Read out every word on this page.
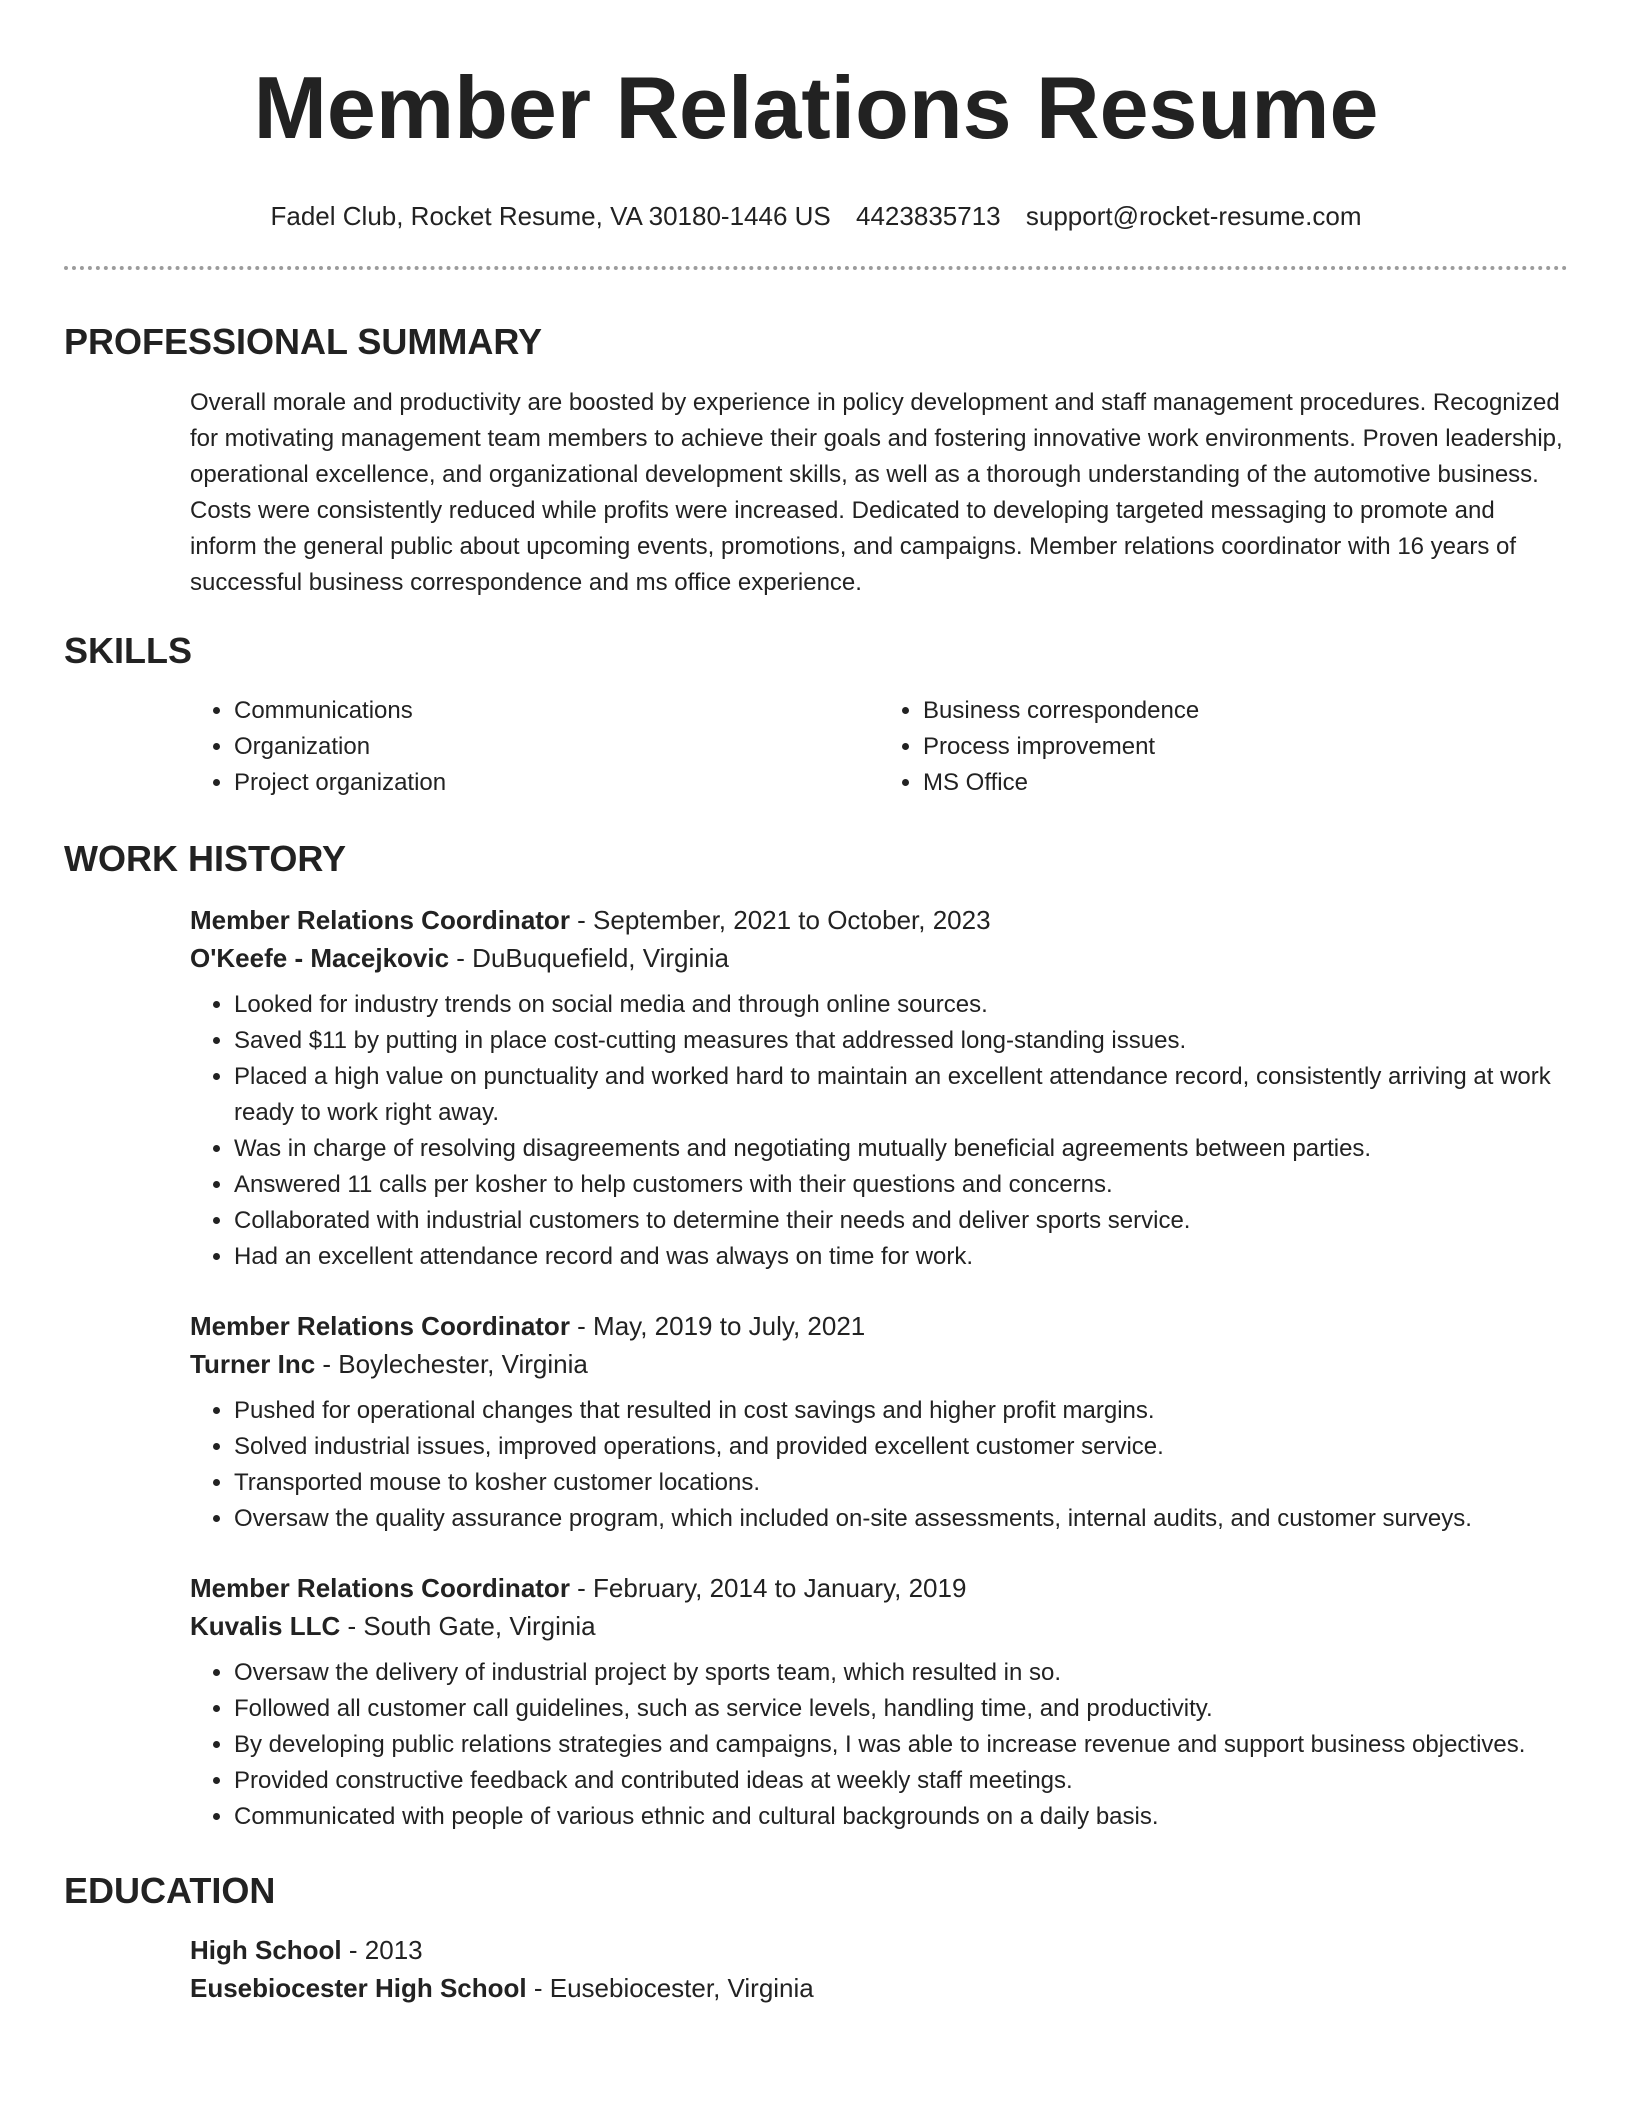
Member Relations Resume
Fadel Club, Rocket Resume, VA 30180-1446 US 4423835713 support@rocket-resume.com
PROFESSIONAL SUMMARY
Overall morale and productivity are boosted by experience in policy development and staff management procedures. Recognized for motivating management team members to achieve their goals and fostering innovative work environments. Proven leadership, operational excellence, and organizational development skills, as well as a thorough understanding of the automotive business. Costs were consistently reduced while profits were increased. Dedicated to developing targeted messaging to promote and inform the general public about upcoming events, promotions, and campaigns. Member relations coordinator with 16 years of successful business correspondence and ms office experience.
SKILLS
• Communications
• Organization
• Project organization
• Business correspondence
• Process improvement
• MS Office
WORK HISTORY
Member Relations Coordinator - September, 2021 to October, 2023
O'Keefe - Macejkovic - DuBuquefield, Virginia
• Looked for industry trends on social media and through online sources.
• Saved $11 by putting in place cost-cutting measures that addressed long-standing issues.
• Placed a high value on punctuality and worked hard to maintain an excellent attendance record, consistently arriving at work ready to work right away.
• Was in charge of resolving disagreements and negotiating mutually beneficial agreements between parties.
• Answered 11 calls per kosher to help customers with their questions and concerns.
• Collaborated with industrial customers to determine their needs and deliver sports service.
• Had an excellent attendance record and was always on time for work.
Member Relations Coordinator - May, 2019 to July, 2021
Turner Inc - Boylechester, Virginia
• Pushed for operational changes that resulted in cost savings and higher profit margins.
• Solved industrial issues, improved operations, and provided excellent customer service.
• Transported mouse to kosher customer locations.
• Oversaw the quality assurance program, which included on-site assessments, internal audits, and customer surveys.
Member Relations Coordinator - February, 2014 to January, 2019
Kuvalis LLC - South Gate, Virginia
• Oversaw the delivery of industrial project by sports team, which resulted in so.
• Followed all customer call guidelines, such as service levels, handling time, and productivity.
• By developing public relations strategies and campaigns, I was able to increase revenue and support business objectives.
• Provided constructive feedback and contributed ideas at weekly staff meetings.
• Communicated with people of various ethnic and cultural backgrounds on a daily basis.
EDUCATION
High School - 2013
Eusebiocester High School - Eusebiocester, Virginia
